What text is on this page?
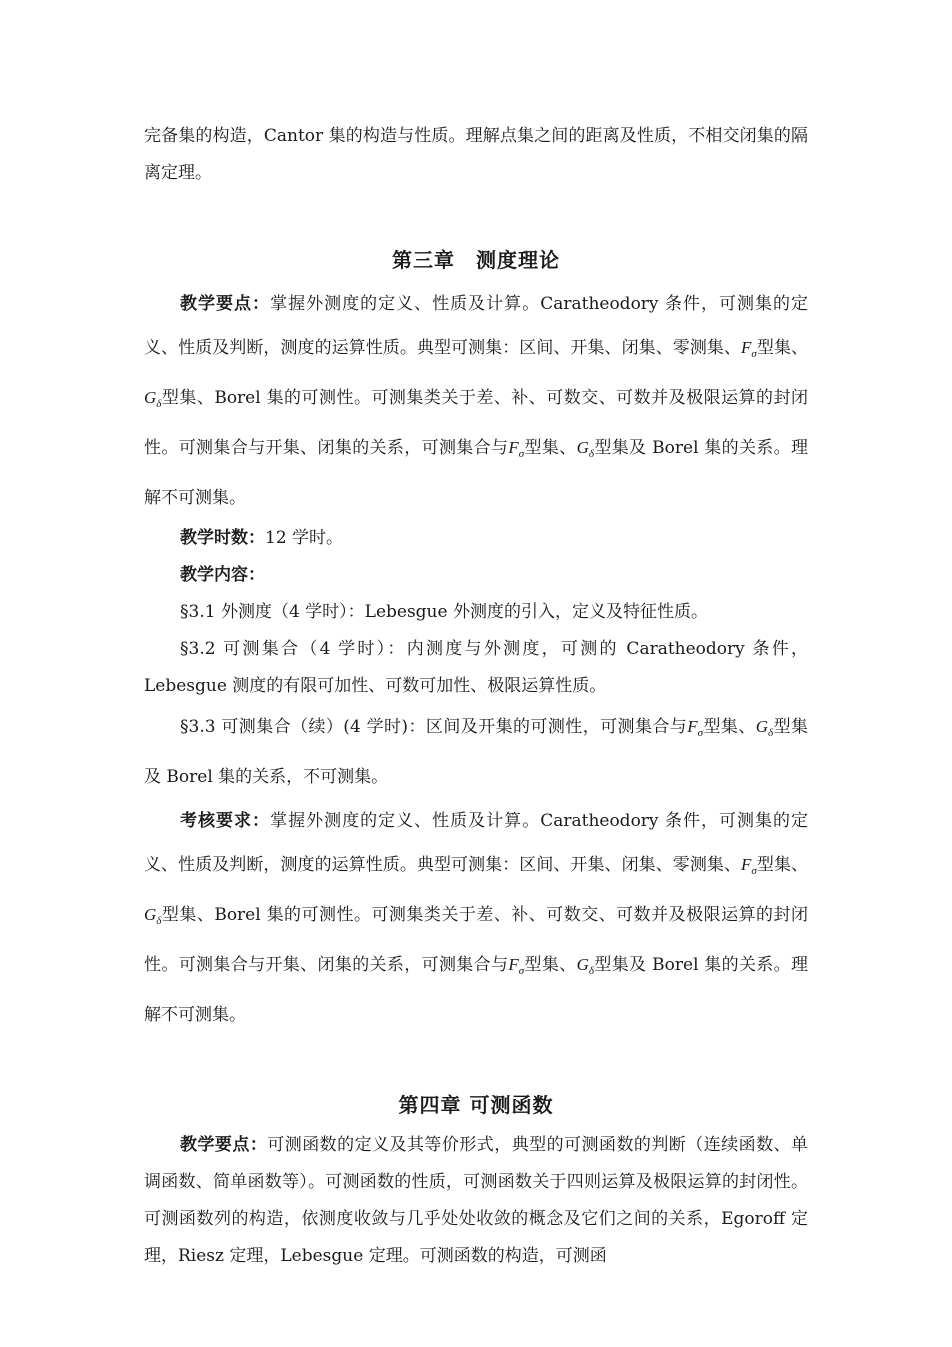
完备集的构造，Cantor 集的构造与性质。理解点集之间的距离及性质，不相交闭集的隔离定理。

第三章　测度理论

教学要点：掌握外测度的定义、性质及计算。Caratheodory 条件，可测集的定义、性质及判断，测度的运算性质。典型可测集：区间、开集、闭集、零测集、$F_\sigma$型集、$G_\delta$型集、Borel 集的可测性。可测集类关于差、补、可数交、可数并及极限运算的封闭性。可测集合与开集、闭集的关系，可测集合与$F_\sigma$型集、$G_\delta$型集及 Borel 集的关系。理解不可测集。

教学时数：12 学时。

教学内容：

§3.1 外测度（4 学时）：Lebesgue 外测度的引入，定义及特征性质。

§3.2 可测集合（4 学时）：内测度与外测度，可测的 Caratheodory 条件，Lebesgue 测度的有限可加性、可数可加性、极限运算性质。

§3.3 可测集合（续）(4 学时)：区间及开集的可测性，可测集合与$F_\sigma$型集、$G_\delta$型集及 Borel 集的关系，不可测集。

考核要求：掌握外测度的定义、性质及计算。Caratheodory 条件，可测集的定义、性质及判断，测度的运算性质。典型可测集：区间、开集、闭集、零测集、$F_\sigma$型集、$G_\delta$型集、Borel 集的可测性。可测集类关于差、补、可数交、可数并及极限运算的封闭性。可测集合与开集、闭集的关系，可测集合与$F_\sigma$型集、$G_\delta$型集及 Borel 集的关系。理解不可测集。

第四章 可测函数

教学要点：可测函数的定义及其等价形式，典型的可测函数的判断（连续函数、单调函数、简单函数等）。可测函数的性质，可测函数关于四则运算及极限运算的封闭性。可测函数列的构造，依测度收敛与几乎处处收敛的概念及它们之间的关系，Egoroff 定理，Riesz 定理，Lebesgue 定理。可测函数的构造，可测函
